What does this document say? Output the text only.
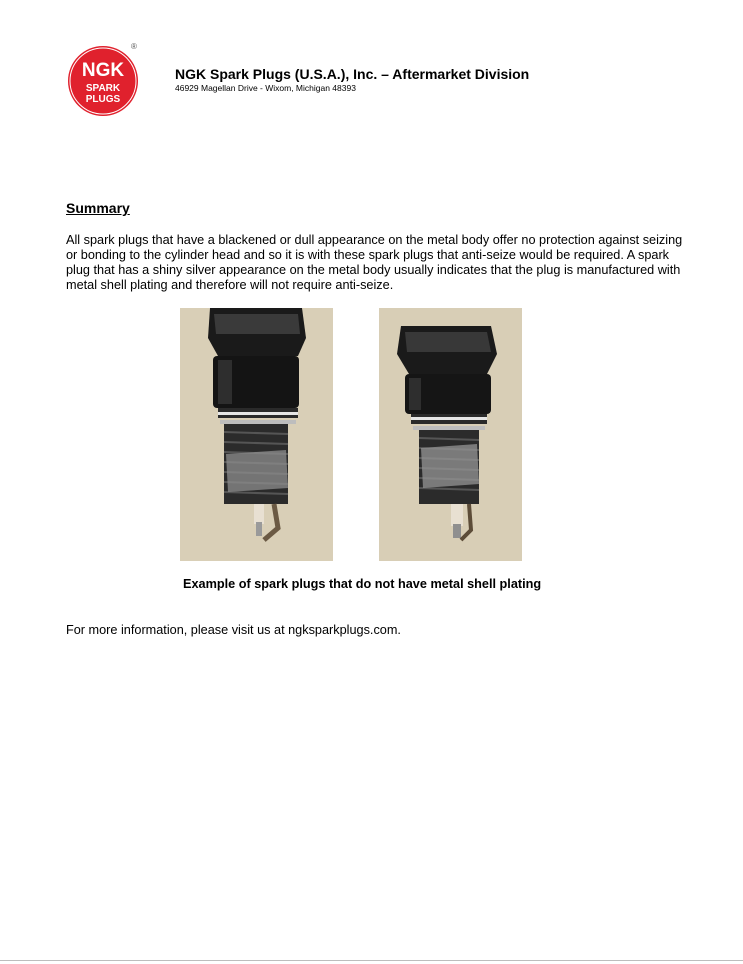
NGK
SPARK
PLUGS
®
NGK Spark Plugs (U.S.A.), Inc. – Aftermarket Division
46929 Magellan Drive - Wixom, Michigan 48393
Summary

All spark plugs that have a blackened or dull appearance on the metal body offer no protection against seizing or bonding to the cylinder head and so it is with these spark plugs that anti-seize would be required. A spark plug that has a shiny silver appearance on the metal body usually indicates that the plug is manufactured with metal shell plating and therefore will not require anti-seize.

Example of spark plugs that do not have metal shell plating
For more information, please visit us at ngksparkplugs.com.
